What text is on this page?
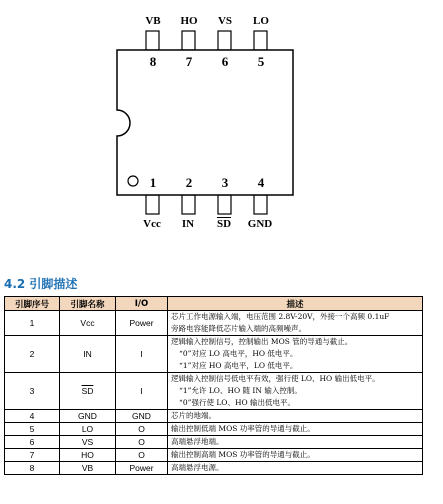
VB	HO	VS	LO
8	7	6	5
1	2	3	4
Vcc	IN	$\overline{SD}$	GND
4.2 引脚描述
引脚序号	引脚名称	I/O	描述
1	Vcc	Power	芯片工作电源输入端，电压范围 2.8V-20V，外接一个高频 0.1uF
旁路电容能降低芯片输入端的高频噪声。

2	IN	I	逻辑输入控制信号，控制输出 MOS 管的导通与截止。
“0”对应 LO 高电平，HO 低电平。
“1”对应 HO 高电平，LO 低电平。

3	$\overline{SD}$	I	逻辑输入控制信号低电平有效，强行使 LO、HO 输出低电平。
“1”允许 LO、HO 随 IN 输入控制。
“0”强行使 LO、HO 输出低电平。

4	GND	GND	芯片的地端。

5	LO	O	输出控制低端 MOS 功率管的导通与截止。

6	VS	O	高端悬浮地端。

7	HO	O	输出控制高端 MOS 功率管的导通与截止。

8	VB	Power	高端悬浮电源。
